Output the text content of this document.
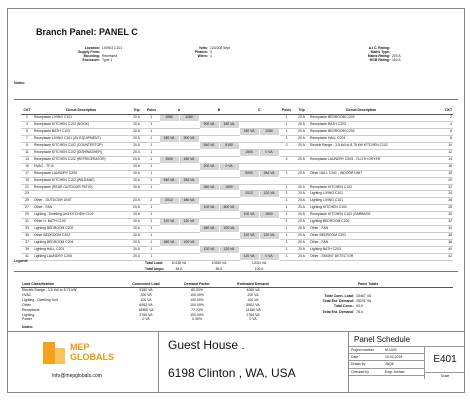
Branch Panel: PANEL C
Location: LIVING C101
Supply From:
Mounting: Recessed
Enclosure: Type 1
Volts: 120/208 Wye
Phases: 3
Wires: 4
A.I.C. Rating:
Mains Type:
Mains Rating: 200 A
MCB Rating: 150 A
Notes:
CKT	Circuit Description	Trip	Poles	A		B		C		Poles	Trip	Circuit Description	CKT
1	Receptacle LIVING C101	20 A	1	1080	1260					1	20 A	Receptacle BEDROOM C202	2
3	Receptacle KITCHEN C102 (NOOK)	20 A	1			900 VA	180 VA			1	20 A	Receptacle BATH C203	4
5	Receptacle BATH C103	20 A	1					180 VA	1080	1	20 A	Receptacle BEDROOM C204	6
7	Receptacle LIVING C101 (AV EQUIPMENT)	20 A	1	180 VA	900 VA					1	20 A	Receptacle HALL C201	8
9	Receptacle KITCHEN C102 (COUNTERTOP)	20 A	1			540 VA	5150			2	20 A	Electric Range - 3.5 kW to 8.75 kW KITCHEN C102	10
11	Receptacle KITCHEN C102 (DISHWASHER)	20 A	1					1500	0 VA				12
13	Receptacle KITCHEN C102 (REFRIGERATOR)	20 A	1	1500	180 VA					2	20 A	Receptacle LAUNDRY C205 - CLOTH DRYER	14
15	HVAC - TF-B	20 A	1			200 VA	0 VA						16
17	Receptacle LAUNDRY C205	20 A	1					5000	284 VA	1	20 A	Other HALL C201 - INDOOR UNIT	18
19	Receptacle KITCHEN C102 (WILDANE)	20 A	1	540 VA	284 VA								20
21	Receptacle (REAR OUTDOOR PATIO)	20 A	1			360 VA	1500			1	20 A	Receptacle KITCHEN C102	22
23								2012	120 VA	1	20 A	Lighting LIVING C101	24
25	Other - OUTDOOR UNIT	20 A	2	2012	480 VA					1	20 A	Lighting LIVING C101	26
27	Other - FAN	20 A	1			100 VA	600 VA			1	20 A	Lighting KITCHEN C102	28
29	Lighting - Dwelling Unit KITCHEN C102	20 A	1					100 VA	1500	1	20 A	Receptacle KITCHEN C102 (GARBAGE	30
31	Other H. BATH C103	20 A	1	120 VA	120 VA					1	20 A	Lighting BEDROOM C202	32
33	Lighting BEDROOM C202	20 A	1			480 VA	100 VA			1	20 A	Other - FAN	34
35	Other BEDROOM C202	20 A	1					120 VA	120 VA	1	20 A	Other BEDROOM C202	36
37	Lighting BEDROOM C204	20 A	1	480 VA	100 VA					1	20 A	Other - FAN	38
39	Lighting HALL C201	20 A	1			120 VA	120 VA			1	20 A	Lighting BATH C203	40
41	Lighting LAUNDRY C205	20 A	1					120 VA	0 VA	1	20 A	Other - SMOKE DETECTOR	42
			Total Load:	10138 VA		10330 VA		10011 VA					
			Total Amps:	84 A		86 A		109 A					
Legend:
Load Classification	Connected Load	Demand Factor	Estimated Demand	Panel Totals
Electric Range - 3.5 kW to 8.75 kW	5150 VA	80.00%	4080 VA	
HVAC	200 VA	100.00%	200 VA	
Lighting - Dwelling Unit	100 VA	100.00%	100 VA	
Other	6952 VA	100.00%	5502 VA	
Receptacle	18360 VA	77.23%	14180 VA	
Lighting	2760 VA	100.00%	2760 VA	
Power	0 VA	0.00%	0 VA	
Total Conn. Load: 33467 VA
Total Est. Demand: 28201 VA
Total Conn.: 93 A
Total Est. Demand: 78 A
Notes:
MEP
GLOBALS
Info@mepglobals.com
Guest House .
6198 Clinton , WA, USA
Panel Schedule
Project number	M-1003
Date	19-02-2024
Drawn by	JAQIL
Checked by	Engr. Arshad
E401
Scale
